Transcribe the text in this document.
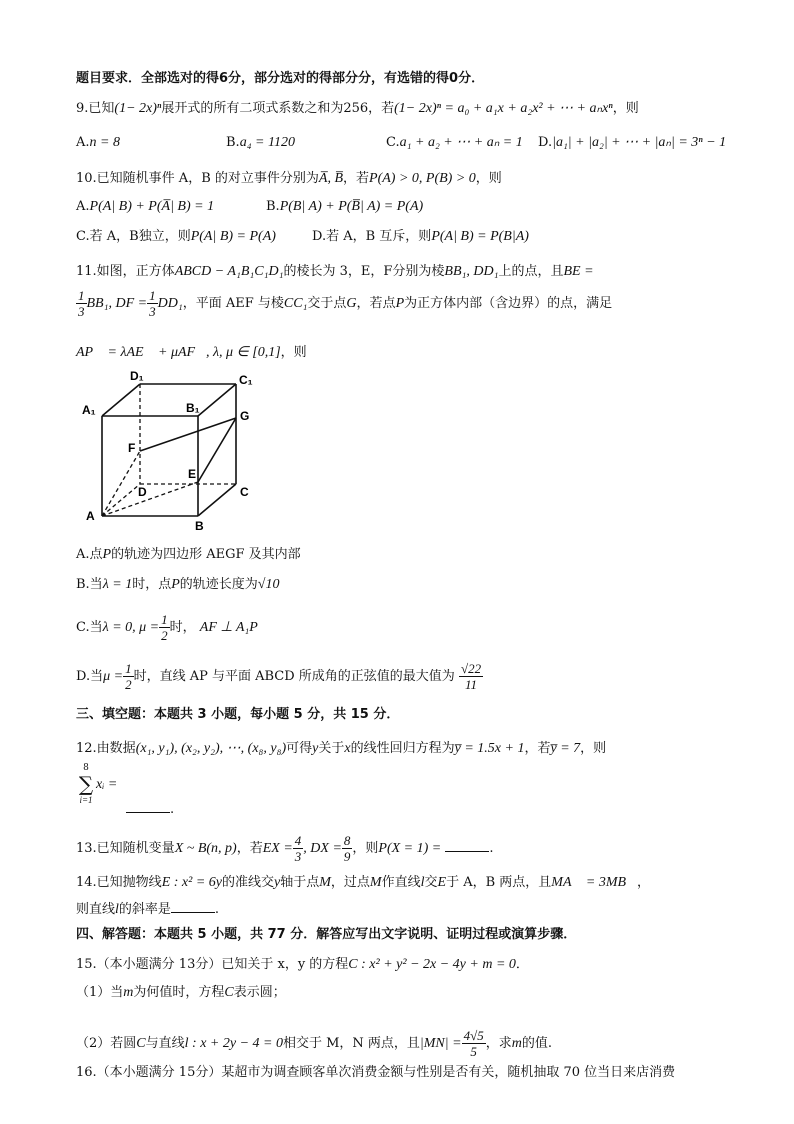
题目要求．全部选对的得6分，部分选对的得部分分，有选错的得0分．
9.已知(1− 2x)ⁿ展开式的所有二项式系数之和为256，若(1− 2x)ⁿ = a₀ + a₁x + a₂x² + ⋯ + aₙxⁿ，则
A.n = 8	B.a₄ = 1120	C.a₁ + a₂ + ⋯ + aₙ = 1 D.|a₁| + |a₂| + ⋯ + |aₙ| = 3ⁿ − 1
10.已知随机事件 A，B 的对立事件分别为A̅, B̅，若P(A) > 0, P(B) > 0，则
A.P(A| B) + P(A̅| B) = 1	B.P(B| A) + P(B̅| A) = P(A)
C.若 A，B独立，则P(A| B) = P(A)	D.若 A，B 互斥，则P(A| B) = P(B|A)
11.如图，正方体ABCD − A₁B₁C₁D₁的棱长为 3，E，F分别为棱BB₁, DD₁上的点，且BE =
$\frac{1}{3} BB_1$, DF = $\frac{1}{3} DD_1$，平面 AEF 与棱CC₁交于点G，若点P为正方体内部（含边界）的点，满足
AP⃗ = λAE⃗ + μAF⃗, λ, μ ∈ [0,1]，则
D₁	C₁
A₁	B₁
G
F
E
D	C
A
B
A.点P的轨迹为四边形 AEGF 及其内部
B.当λ = 1时，点P的轨迹长度为√10
C.当λ = 0, $\mu = \frac{1}{2}$ 时， AF ⊥ A₁P
D.当$\mu = \frac{1}{2}$ 时，直线 AP 与平面 ABCD 所成角的正弦值的最大值为 $\frac{√22}{11}$
三、填空题：本题共 3 小题，每小题 5 分，共 15 分．
12.由数据(x₁, y₁), (x₂, y₂), ⋯, (x₈, y₈)可得y关于x的线性回归方程为y̅ = 1.5x + 1，若y̅ = 7，则
8
∑
i=1
xᵢ =
.
13.已知随机变量X ~ B(n, p)，若EX = $\frac{4}{3}$ , DX = $\frac{8}{9}$ ，则P(X = 1) =	.
14.已知抛物线E : x² = 6y的准线交y轴于点M，过点M作直线l交E于 A，B 两点，且MA⃗ = 3MB⃗，
则直线l的斜率是	.
四、解答题：本题共 5 小题，共 77 分．解答应写出文字说明、证明过程或演算步骤．
15.（本小题满分 13分）已知关于 x，y 的方程C : x² + y² − 2x − 4y + m = 0．
（1）当m为何值时，方程C表示圆；
（2）若圆C与直线l : x + 2y − 4 = 0相交于 M，N 两点，且$|MN| = \frac{4√5}{5}$ ，求m的值.
16.（本小题满分 15分）某超市为调查顾客单次消费金额与性别是否有关，随机抽取 70 位当日来店消费
